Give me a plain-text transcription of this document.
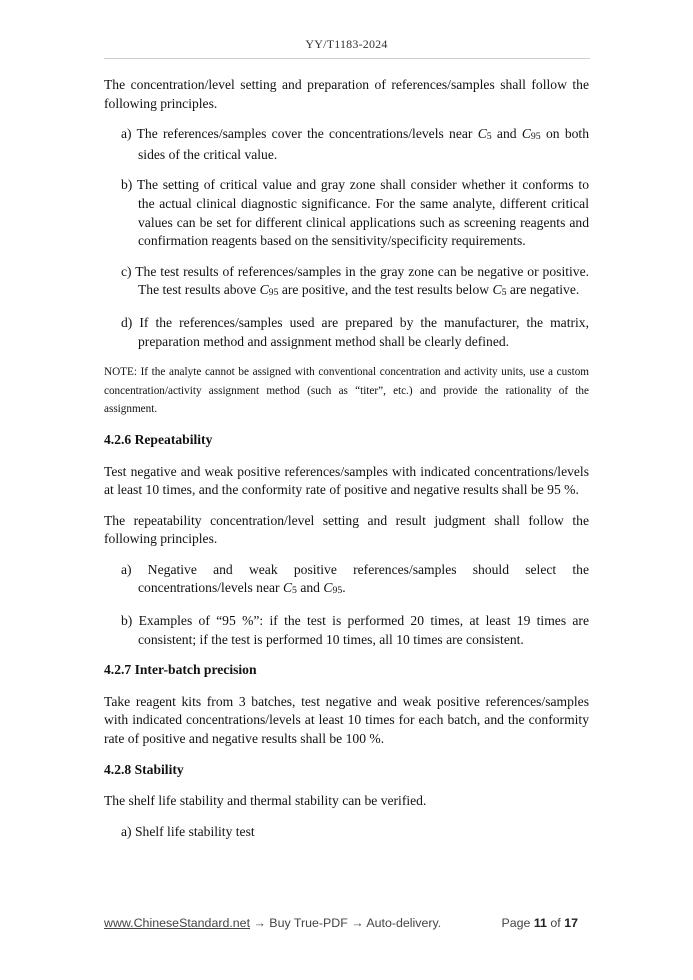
YY/T1183-2024

The concentration/level setting and preparation of references/samples shall follow the following principles.

a) The references/samples cover the concentrations/levels near $C_5$ and $C_{95}$ on both sides of the critical value.

b) The setting of critical value and gray zone shall consider whether it conforms to the actual clinical diagnostic significance. For the same analyte, different critical values can be set for different clinical applications such as screening reagents and confirmation reagents based on the sensitivity/specificity requirements.

c) The test results of references/samples in the gray zone can be negative or positive. The test results above $C_{95}$ are positive, and the test results below $C_5$ are negative.

d) If the references/samples used are prepared by the manufacturer, the matrix, preparation method and assignment method shall be clearly defined.

NOTE: If the analyte cannot be assigned with conventional concentration and activity units, use a custom concentration/activity assignment method (such as “titer”, etc.) and provide the rationality of the assignment.

4.2.6 Repeatability

Test negative and weak positive references/samples with indicated concentrations/levels at least 10 times, and the conformity rate of positive and negative results shall be 95 %.

The repeatability concentration/level setting and result judgment shall follow the following principles.

a) Negative and weak positive references/samples should select the concentrations/levels near $C_5$ and $C_{95}$.

b) Examples of “95 %”: if the test is performed 20 times, at least 19 times are consistent; if the test is performed 10 times, all 10 times are consistent.

4.2.7 Inter-batch precision

Take reagent kits from 3 batches, test negative and weak positive references/samples with indicated concentrations/levels at least 10 times for each batch, and the conformity rate of positive and negative results shall be 100 %.

4.2.8 Stability

The shelf life stability and thermal stability can be verified.

a) Shelf life stability test

www.ChineseStandard.net → Buy True-PDF → Auto-delivery.	Page 11 of 17
